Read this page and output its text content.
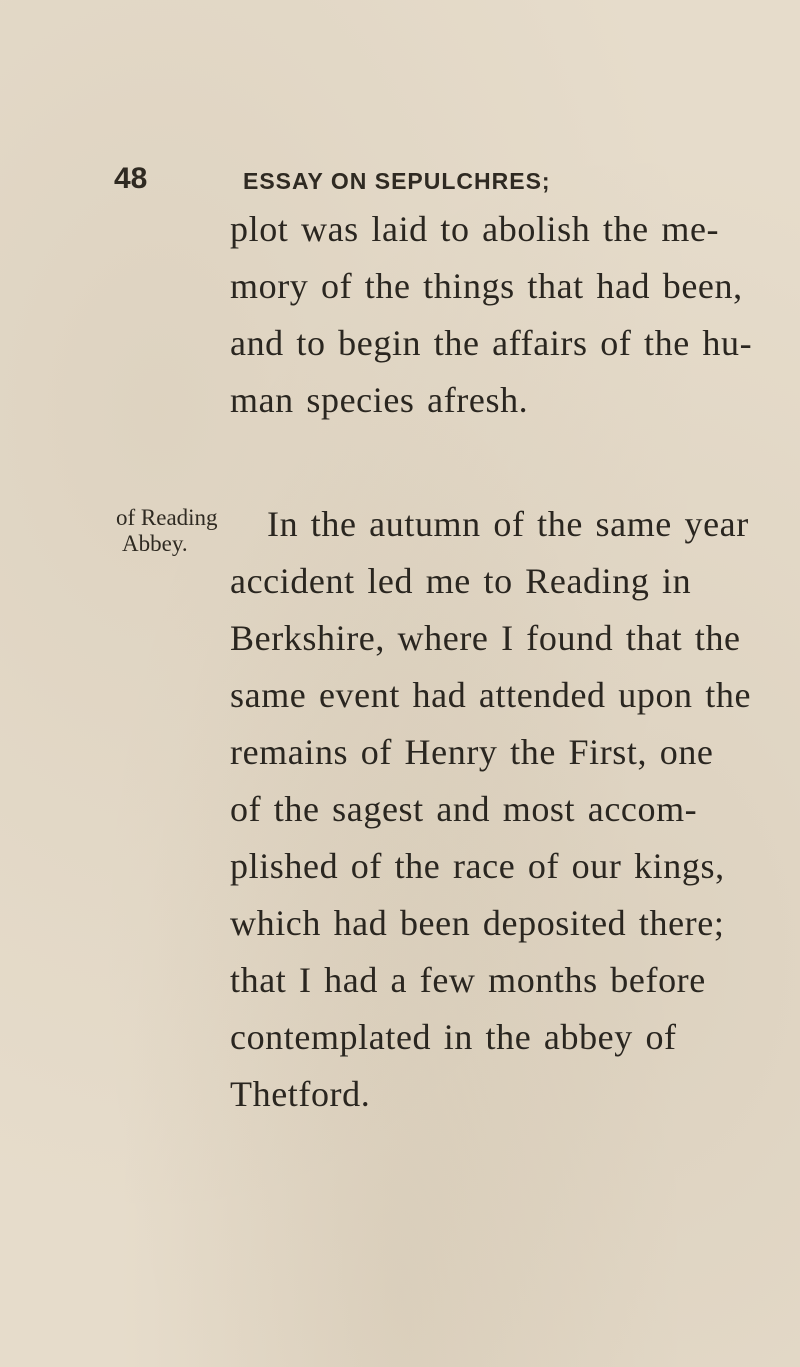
48	ESSAY ON SEPULCHRES;
of Reading
Abbey.
plot was laid to abolish the me-
mory of the things that had been,
and to begin the affairs of the hu-
man species afresh.
In the autumn of the same year
accident led me to Reading in
Berkshire, where I found that the
same event had attended upon the
remains of Henry the First, one
of the sagest and most accom-
plished of the race of our kings,
which had been deposited there;
that I had a few months before
contemplated in the abbey of
Thetford.
